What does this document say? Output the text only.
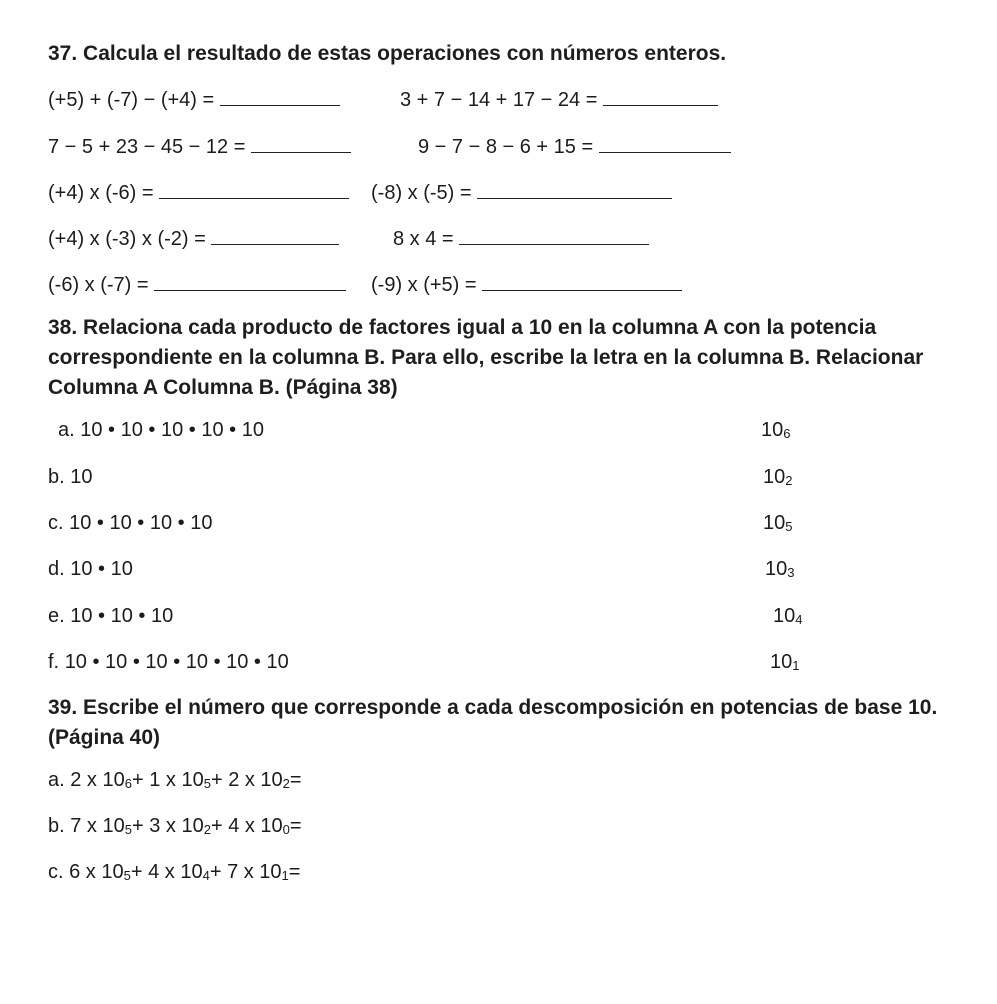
37. Calcula el resultado de estas operaciones con números enteros.
(+5) + (-7) − (+4) =	3 + 7 − 14 + 17 − 24 =
7 − 5 + 23 − 45 − 12 =	9 − 7 − 8 − 6 + 15 =
(+4) x (-6) =	(-8) x (-5) =
(+4) x (-3) x (-2) =	8 x 4 =
(-6) x (-7) =	(-9) x (+5) =
38. Relaciona cada producto de factores igual a 10 en la columna A con la potencia correspondiente en la columna B. Para ello, escribe la letra en la columna B. Relacionar Columna A Columna B. (Página 38)
a. 10 • 10 • 10 • 10 • 10	106
b. 10	102
c. 10 • 10 • 10 • 10	105
d. 10 • 10	103
e. 10 • 10 • 10	104
f. 10 • 10 • 10 • 10 • 10 • 10	101
39. Escribe el número que corresponde a cada descomposición en potencias de base 10. (Página 40)
a. 2 x 106+ 1 x 105+ 2 x 102=
b. 7 x 105+ 3 x 102+ 4 x 100=
c. 6 x 105+ 4 x 104+ 7 x 101=
